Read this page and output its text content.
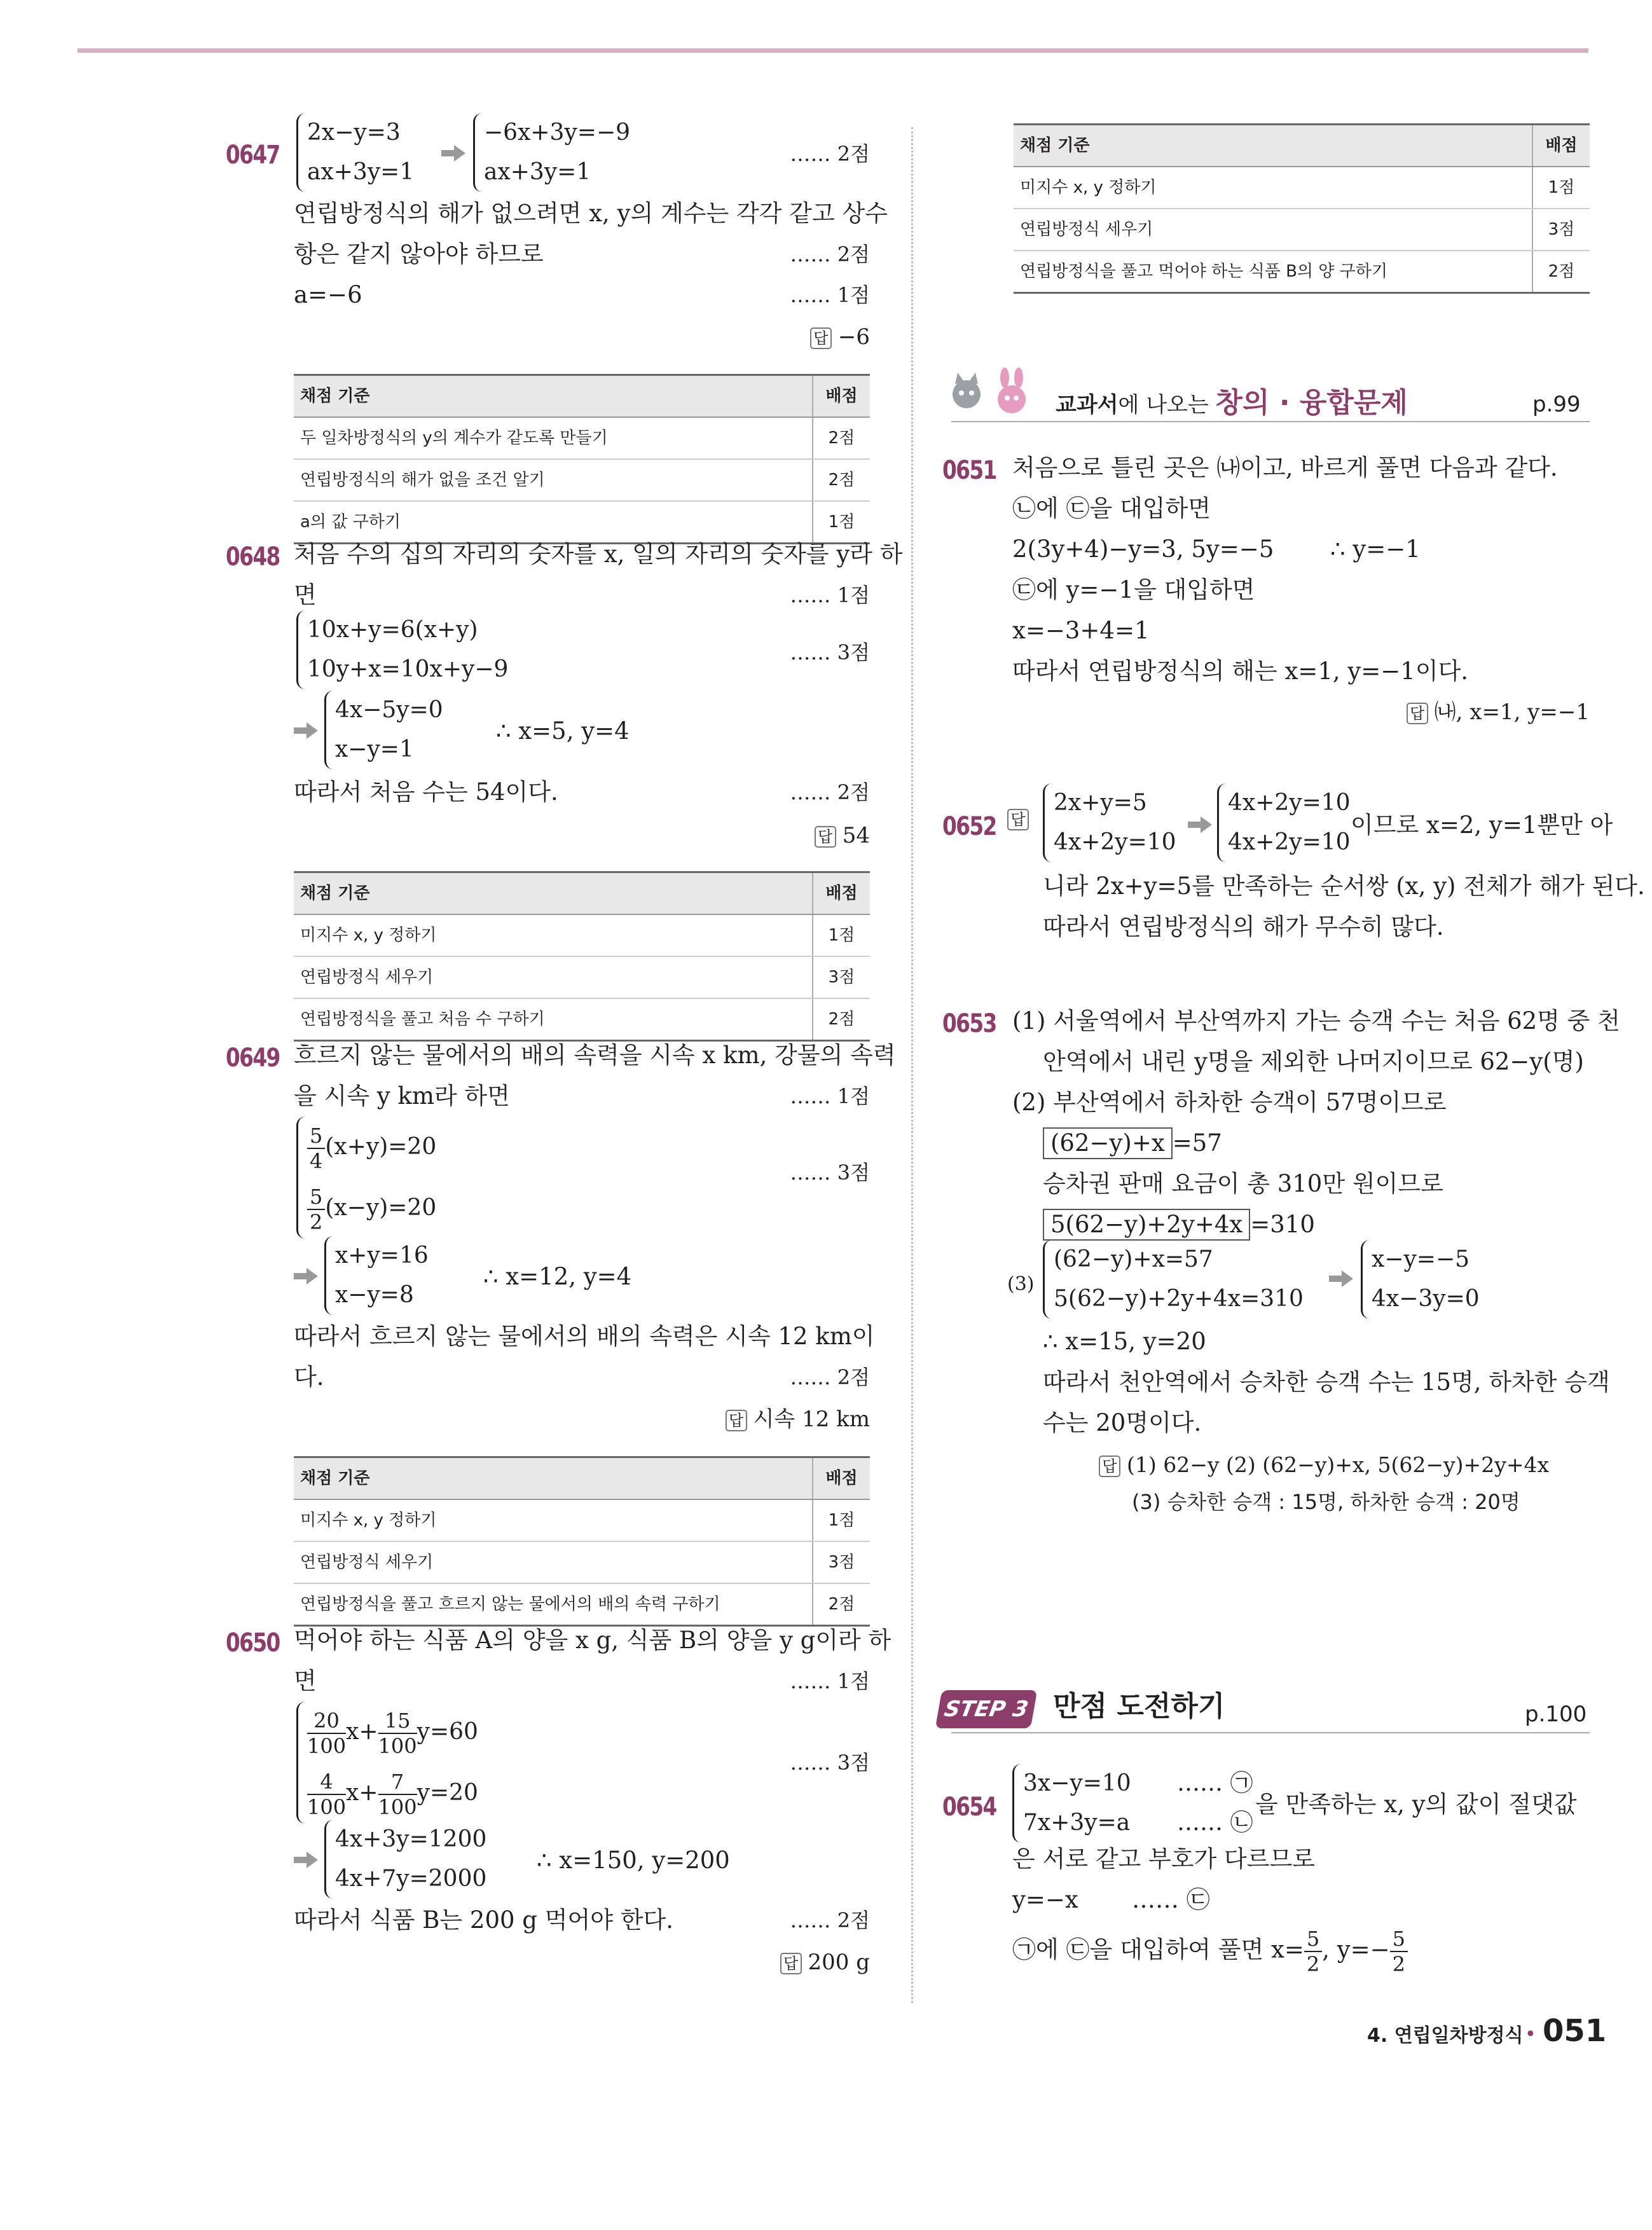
0647
2x−y=3
ax+3y=1
−6x+3y=−9
ax+3y=1
…… 2점
연립방정식의 해가 없으려면 x, y의 계수는 각각 같고 상수
항은 같지 않아야 하므로	…… 2점
a=−6	…… 1점
답 −6
채점 기준	배점
두 일차방정식의 y의 계수가 같도록 만들기	2점
연립방정식의 해가 없을 조건 알기	2점
a의 값 구하기	1점
0648 처음 수의 십의 자리의 숫자를 x, 일의 자리의 숫자를 y라 하
면	…… 1점
10x+y=6(x+y)
10y+x=10x+y−9
…… 3점
4x−5y=0
x−y=1
∴ x=5, y=4
따라서 처음 수는 54이다.	…… 2점
답 54
채점 기준	배점
미지수 x, y 정하기	1점
연립방정식 세우기	3점
연립방정식을 풀고 처음 수 구하기	2점
0649 흐르지 않는 물에서의 배의 속력을 시속 x km, 강물의 속력
을 시속 y km라 하면	…… 1점
$\frac{5}{4} (x+y)=20$
$\frac{5}{2} (x-y)=20$
…… 3점
x+y=16
x−y=8
∴ x=12, y=4
따라서 흐르지 않는 물에서의 배의 속력은 시속 12 km이
다.	…… 2점
답 시속 12 km
채점 기준	배점
미지수 x, y 정하기	1점
연립방정식 세우기	3점
연립방정식을 풀고 흐르지 않는 물에서의 배의 속력 구하기	2점
0650 먹어야 하는 식품 A의 양을 x g, 식품 B의 양을 y g이라 하
면	…… 1점
$\frac{20}{100} x+ \frac{15}{100} y=60$
$\frac{4}{100} x+ \frac{7}{100} y=20$
…… 3점
4x+3y=1200
4x+7y=2000
∴ x=150, y=200
따라서 식품 B는 200 g 먹어야 한다.	…… 2점
답 200 g
채점 기준	배점
미지수 x, y 정하기	1점
연립방정식 세우기	3점
연립방정식을 풀고 먹어야 하는 식품 B의 양 구하기	2점
교과서에 나오는 창의 · 융합문제	p.99
0651 처음으로 틀린 곳은 ㈏이고, 바르게 풀면 다음과 같다.
㉡에 ㉢을 대입하면
2(3y+4)−y=3, 5y=−5 ∴ y=−1
㉢에 y=−1을 대입하면
x=−3+4=1
따라서 연립방정식의 해는 x=1, y=−1이다.
답 ㈏, x=1, y=−1
0652 답
2x+y=5
4x+2y=10
4x+2y=10
4x+2y=10
이므로 x=2, y=1뿐만 아
니라 2x+y=5를 만족하는 순서쌍 (x, y) 전체가 해가 된다.
따라서 연립방정식의 해가 무수히 많다.
0653 (1) 서울역에서 부산역까지 가는 승객 수는 처음 62명 중 천
안역에서 내린 y명을 제외한 나머지이므로 62−y(명)
(2) 부산역에서 하차한 승객이 57명이므로
(62−y)+x =57
승차권 판매 요금이 총 310만 원이므로
5(62−y)+2y+4x =310
(3)
(62−y)+x=57
5(62−y)+2y+4x=310
x−y=−5
4x−3y=0
∴ x=15, y=20
따라서 천안역에서 승차한 승객 수는 15명, 하차한 승객
수는 20명이다.
답 (1) 62−y (2) (62−y)+x, 5(62−y)+2y+4x
(3) 승차한 승객 : 15명, 하차한 승객 : 20명
STEP 3 만점 도전하기	p.100
0654
3x−y=10 …… ㉠
7x+3y=a …… ㉡
을 만족하는 x, y의 값이 절댓값
은 서로 같고 부호가 다르므로
y=−x …… ㉢
㉠에 ㉢을 대입하여 풀면 $x= \frac{5}{2}$ , $y=- \frac{5}{2}$
4. 연립일차방정식 • 051
